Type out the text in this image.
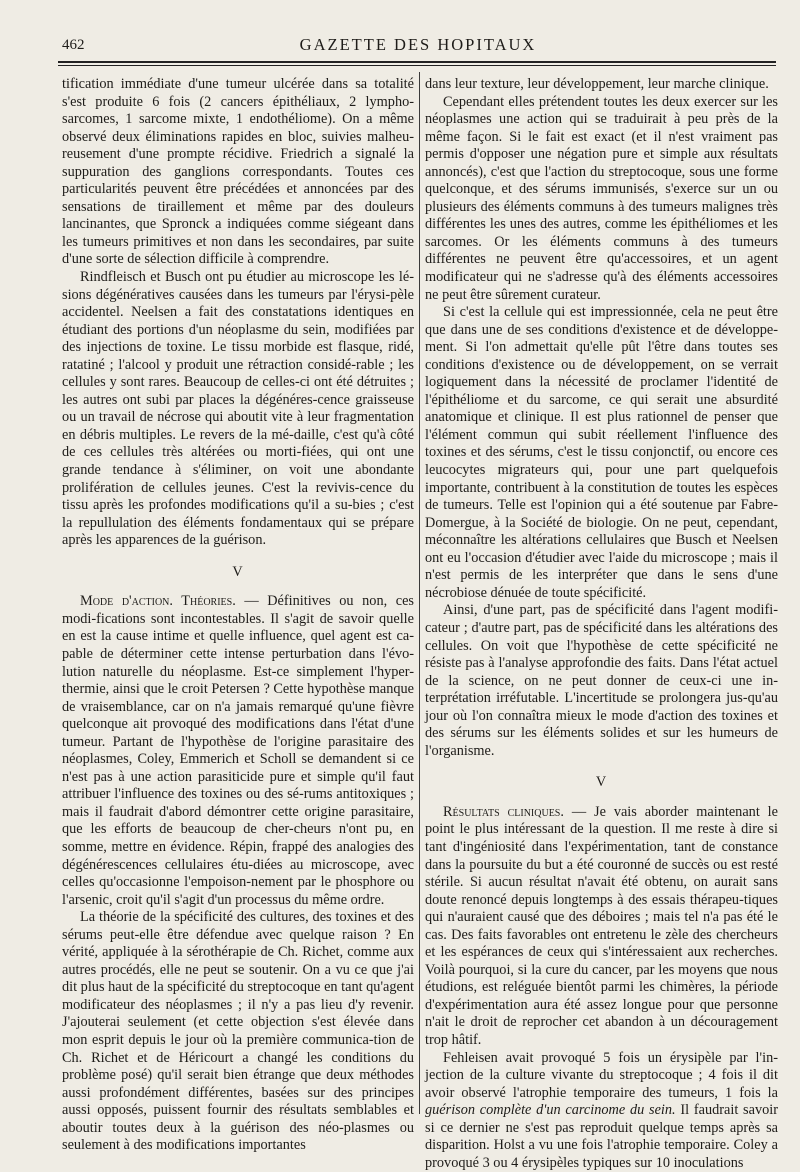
462	GAZETTE DES HOPITAUX

tification immédiate d'une tumeur ulcérée dans sa totalité s'est produite 6 fois (2 cancers épithéliaux, 2 lympho-sarcomes, 1 sarcome mixte, 1 endothéliome). On a même observé deux éliminations rapides en bloc, suivies malheu-reusement d'une prompte récidive. Friedrich a signalé la suppuration des ganglions correspondants. Toutes ces particularités peuvent être précédées et annoncées par des sensations de tiraillement et même par des douleurs lancinantes, que Spronck a indiquées comme siégeant dans les tumeurs primitives et non dans les secondaires, par suite d'une sorte de sélection difficile à comprendre.

Rindfleisch et Busch ont pu étudier au microscope les lé-sions dégénératives causées dans les tumeurs par l'érysi-pèle accidentel. Neelsen a fait des constatations identiques en étudiant des portions d'un néoplasme du sein, modifiées par des injections de toxine. Le tissu morbide est flasque, ridé, ratatiné ; l'alcool y produit une rétraction considé-rable ; les cellules y sont rares. Beaucoup de celles-ci ont été détruites ; les autres ont subi par places la dégénéres-cence graisseuse ou un travail de nécrose qui aboutit vite à leur fragmentation en débris multiples. Le revers de la mé-daille, c'est qu'à côté de ces cellules très altérées ou morti-fiées, qui ont une grande tendance à s'éliminer, on voit une abondante prolifération de cellules jeunes. C'est la revivis-cence du tissu après les profondes modifications qu'il a su-bies ; c'est la repullulation des éléments fondamentaux qui se prépare après les apparences de la guérison.

V

Mode d'action. Théories. — Définitives ou non, ces modi-fications sont incontestables. Il s'agit de savoir quelle en est la cause intime et quelle influence, quel agent est ca-pable de déterminer cette intense perturbation dans l'évo-lution naturelle du néoplasme. Est-ce simplement l'hyper-thermie, ainsi que le croit Petersen ? Cette hypothèse manque de vraisemblance, car on n'a jamais remarqué qu'une fièvre quelconque ait provoqué des modifications dans l'état d'une tumeur. Partant de l'hypothèse de l'origine parasitaire des néoplasmes, Coley, Emmerich et Scholl se demandent si ce n'est pas à une action parasiticide pure et simple qu'il faut attribuer l'influence des toxines ou des sé-rums antitoxiques ; mais il faudrait d'abord démontrer cette origine parasitaire, que les efforts de beaucoup de cher-cheurs n'ont pu, en somme, mettre en évidence. Répin, frappé des analogies des dégénérescences cellulaires étu-diées au microscope, avec celles qu'occasionne l'empoison-nement par le phosphore ou l'arsenic, croit qu'il s'agit d'un processus du même ordre.

La théorie de la spécificité des cultures, des toxines et des sérums peut-elle être défendue avec quelque raison ? En vérité, appliquée à la sérothérapie de Ch. Richet, comme aux autres procédés, elle ne peut se soutenir. On a vu ce que j'ai dit plus haut de la spécificité du streptocoque en tant qu'agent modificateur des néoplasmes ; il n'y a pas lieu d'y revenir. J'ajouterai seulement (et cette objection s'est élevée dans mon esprit depuis le jour où la première communica-tion de Ch. Richet et de Héricourt a changé les conditions du problème posé) qu'il serait bien étrange que deux méthodes aussi profondément différentes, basées sur des principes aussi opposés, puissent fournir des résultats semblables et aboutir toutes deux à la guérison des néo-plasmes ou seulement à des modifications importantes

dans leur texture, leur développement, leur marche clinique.

Cependant elles prétendent toutes les deux exercer sur les néoplasmes une action qui se traduirait à peu près de la même façon. Si le fait est exact (et il n'est vraiment pas permis d'opposer une négation pure et simple aux résultats annoncés), c'est que l'action du streptocoque, sous une forme quelconque, et des sérums immunisés, s'exerce sur un ou plusieurs des éléments communs à des tumeurs malignes très différentes les unes des autres, comme les épithéliomes et les sarcomes. Or les éléments communs à des tumeurs différentes ne peuvent être qu'accessoires, et un agent modificateur qui ne s'adresse qu'à des éléments accessoires ne peut être sûrement curateur.

Si c'est la cellule qui est impressionnée, cela ne peut être que dans une de ses conditions d'existence et de développe-ment. Si l'on admettait qu'elle pût l'être dans toutes ses conditions d'existence ou de développement, on se verrait logiquement dans la nécessité de proclamer l'identité de l'épithéliome et du sarcome, ce qui serait une absurdité anatomique et clinique. Il est plus rationnel de penser que l'élément commun qui subit réellement l'influence des toxines et des sérums, c'est le tissu conjonctif, ou encore ces leucocytes migrateurs qui, pour une part quelquefois importante, contribuent à la constitution de toutes les espèces de tumeurs. Telle est l'opinion qui a été soutenue par Fabre-Domergue, à la Société de biologie. On ne peut, cependant, méconnaître les altérations cellulaires que Busch et Neelsen ont eu l'occasion d'étudier avec l'aide du microscope ; mais il n'est permis de les interpréter que dans le sens d'une nécrobiose dénuée de toute spécificité.

Ainsi, d'une part, pas de spécificité dans l'agent modifi-cateur ; d'autre part, pas de spécificité dans les altérations des cellules. On voit que l'hypothèse de cette spécificité ne résiste pas à l'analyse approfondie des faits. Dans l'état actuel de la science, on ne peut donner de ceux-ci une in-terprétation irréfutable. L'incertitude se prolongera jus-qu'au jour où l'on connaîtra mieux le mode d'action des toxines et des sérums sur les éléments solides et sur les humeurs de l'organisme.

V

Résultats cliniques. — Je vais aborder maintenant le point le plus intéressant de la question. Il me reste à dire si tant d'ingéniosité dans l'expérimentation, tant de constance dans la poursuite du but a été couronné de succès ou est resté stérile. Si aucun résultat n'avait été obtenu, on aurait sans doute renoncé depuis longtemps à des essais thérapeu-tiques qui n'auraient causé que des déboires ; mais tel n'a pas été le cas. Des faits favorables ont entretenu le zèle des chercheurs et les espérances de ceux qui s'intéressaient aux recherches. Voilà pourquoi, si la cure du cancer, par les moyens que nous étudions, est reléguée bientôt parmi les chimères, la période d'expérimentation aura été assez longue pour que personne n'ait le droit de reprocher cet abandon à un découragement trop hâtif.

Fehleisen avait provoqué 5 fois un érysipèle par l'in-jection de la culture vivante du streptocoque ; 4 fois il dit avoir observé l'atrophie temporaire des tumeurs, 1 fois la guérison complète d'un carcinome du sein. Il faudrait savoir si ce dernier ne s'est pas reproduit quelque temps après sa disparition. Holst a vu une fois l'atrophie temporaire. Coley a provoqué 3 ou 4 érysipèles typiques sur 10 inoculations
